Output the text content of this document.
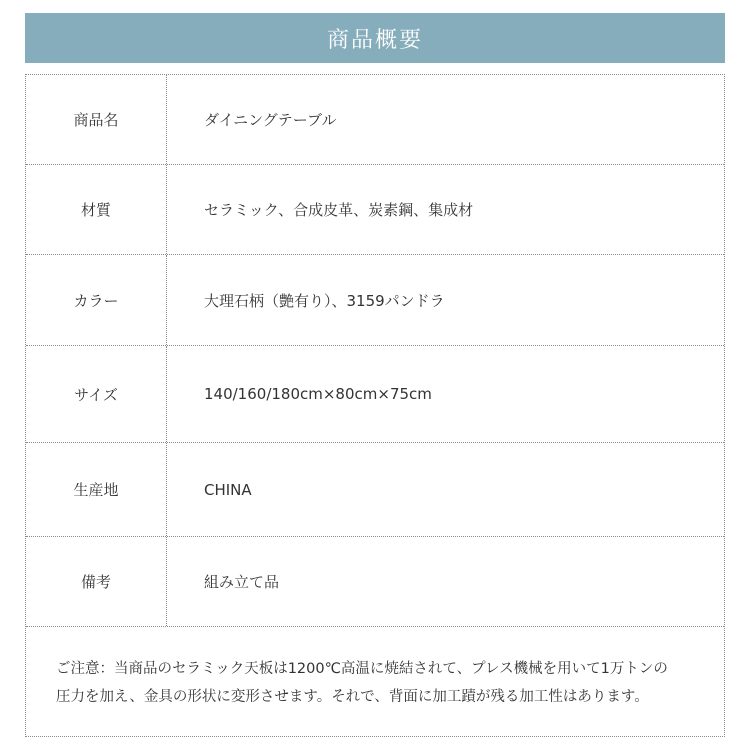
商品概要
商品名	ダイニングテーブル
材質	セラミック、合成皮革、炭素鋼、集成材
カラー	大理石柄（艶有り）、3159パンドラ
サイズ	140/160/180cm×80cm×75cm
生産地	CHINA
備考	組み立て品
ご注意：当商品のセラミック天板は1200℃高温に焼結されて、プレス機械を用いて1万トンの
圧力を加え、金具の形状に変形させます。それで、背面に加工蹟が残る加工性はあります。
